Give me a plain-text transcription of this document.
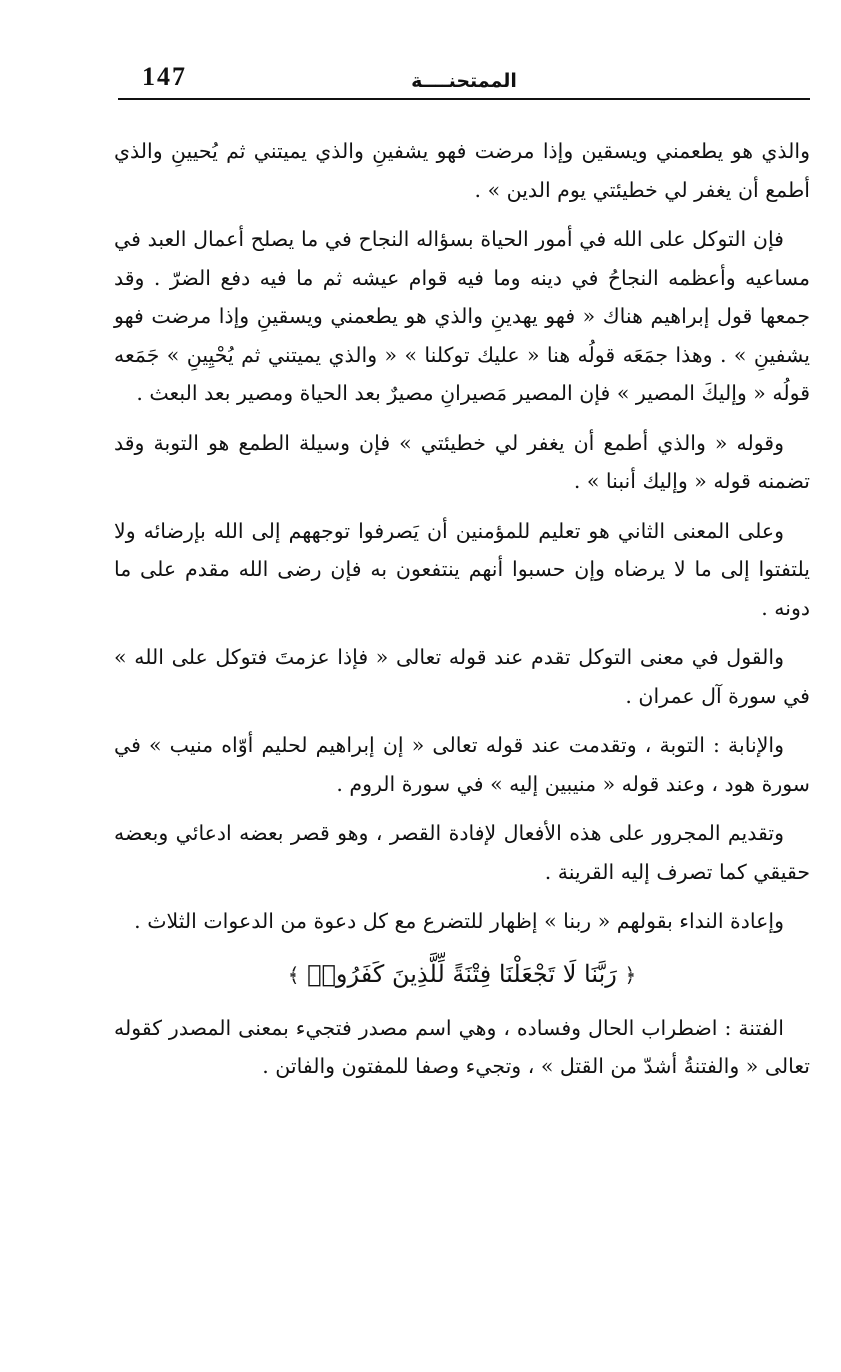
147	الممتحنــــة

والذي هو يطعمني ويسقين وإذا مرضت فهو يشفينِ والذي يميتني ثم يُحيينِ والذي أطمع أن يغفر لي خطيئتي يوم الدين » .

فإن التوكل على الله في أمور الحياة بسؤاله النجاح في ما يصلح أعمال العبد في مساعيه وأعظمه النجاحُ في دينه وما فيه قوام عيشه ثم ما فيه دفع الضرّ . وقد جمعها قول إبراهيم هناك « فهو يهدينِ والذي هو يطعمني ويسقينِ وإذا مرضت فهو يشفينِ » . وهذا جمَعَه قولُه هنا « عليك توكلنا » « والذي يميتني ثم يُحْيِينِ » جَمَعه قولُه « وإليكَ المصير » فإن المصير مَصيرانِ مصيرٌ بعد الحياة ومصير بعد البعث .

وقوله « والذي أطمع أن يغفر لي خطيئتي » فإن وسيلة الطمع هو التوبة وقد تضمنه قوله « وإليك أنبنا » .

وعلى المعنى الثاني هو تعليم للمؤمنين أن يَصرفوا توجههم إلى الله بإرضائه ولا يلتفتوا إلى ما لا يرضاه وإن حسبوا أنهم ينتفعون به فإن رضى الله مقدم على ما دونه .

والقول في معنى التوكل تقدم عند قوله تعالى « فإذا عزمتَ فتوكل على الله » في سورة آل عمران .

والإنابة : التوبة ، وتقدمت عند قوله تعالى « إن إبراهيم لحليم أوّاه منيب » في سورة هود ، وعند قوله « منيبين إليه » في سورة الروم .

وتقديم المجرور على هذه الأفعال لإفادة القصر ، وهو قصر بعضه ادعائي وبعضه حقيقي كما تصرف إليه القرينة .

وإعادة النداء بقولهم « ربنا » إظهار للتضرع مع كل دعوة من الدعوات الثلاث .

﴿ رَبَّنَا لَا تَجْعَلْنَا فِتْنَةً لِّلَّذِينَ كَفَرُوا۟ ﴾

الفتنة : اضطراب الحال وفساده ، وهي اسم مصدر فتجيء بمعنى المصدر كقوله تعالى « والفتنةُ أشدّ من القتل » ، وتجيء وصفا للمفتون والفاتن .
